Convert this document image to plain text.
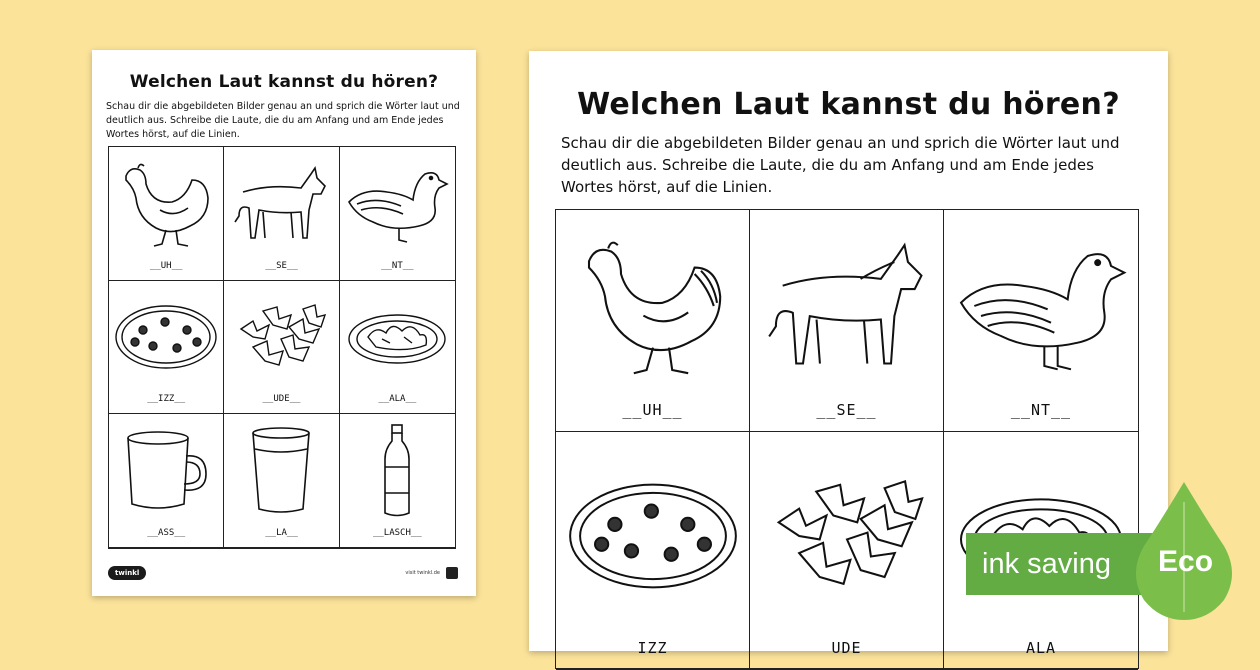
Welchen Laut kannst du hören?
Schau dir die abgebildeten Bilder genau an und sprich die Wörter laut und deutlich aus. Schreibe die Laute, die du am Anfang und am Ende jedes Wortes hörst, auf die Linien.
__UH__	__SE__	__NT__
__IZZ__	__UDE__	__ALA__
__ASS__	__LA__	__LASCH__
twinkl	visit twinkl.de
Welchen Laut kannst du hören?
Schau dir die abgebildeten Bilder genau an und sprich die Wörter laut und deutlich aus. Schreibe die Laute, die du am Anfang und am Ende jedes Wortes hörst, auf die Linien.
__UH__	__SE__	__NT__
IZZ	UDE	ALA
ink saving Eco
